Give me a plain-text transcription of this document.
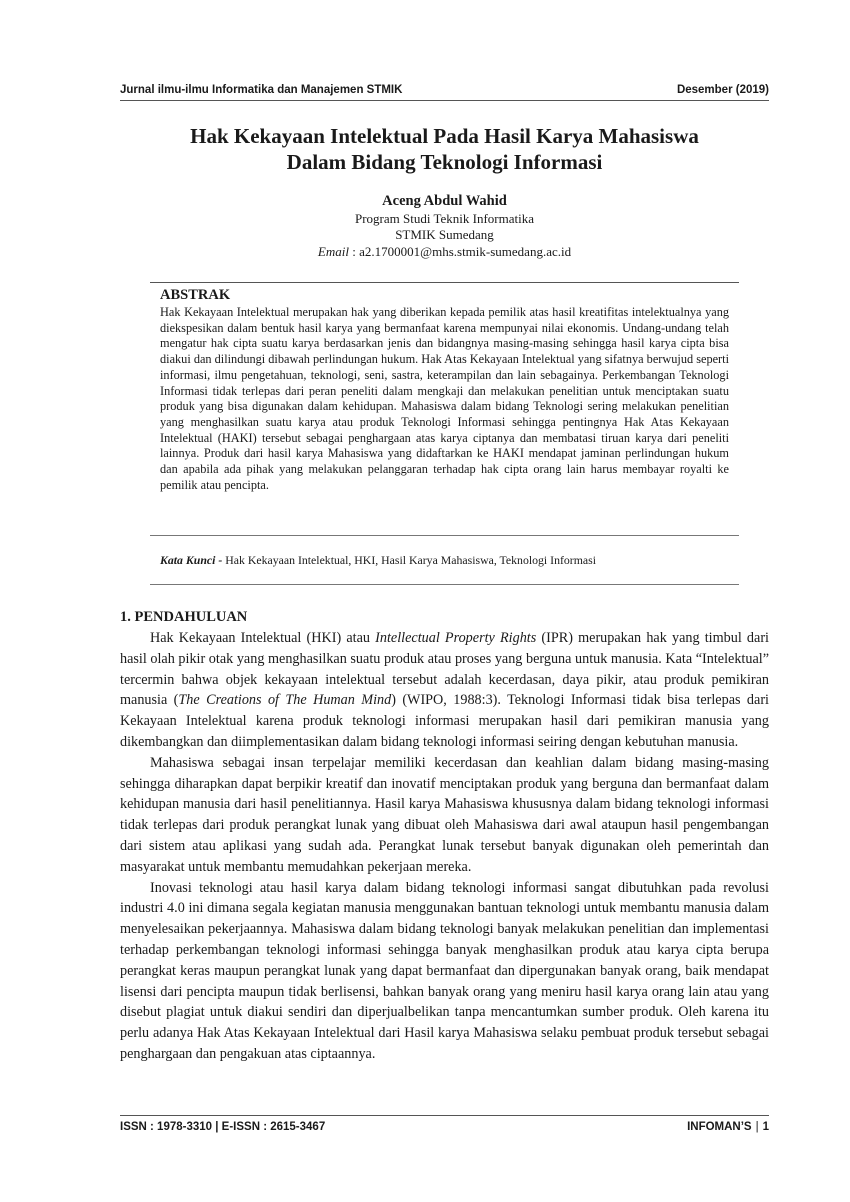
Jurnal ilmu-ilmu Informatika dan Manajemen STMIK	Desember (2019)
Hak Kekayaan Intelektual Pada Hasil Karya Mahasiswa
Dalam Bidang Teknologi Informasi
Aceng Abdul Wahid
Program Studi Teknik Informatika
STMIK Sumedang
Email : a2.1700001@mhs.stmik-sumedang.ac.id
ABSTRAK
Hak Kekayaan Intelektual merupakan hak yang diberikan kepada pemilik atas hasil kreatifitas intelektualnya yang diekspesikan dalam bentuk hasil karya yang bermanfaat karena mempunyai nilai ekonomis. Undang-undang telah mengatur hak cipta suatu karya berdasarkan jenis dan bidangnya masing-masing sehingga hasil karya cipta bisa diakui dan dilindungi dibawah perlindungan hukum. Hak Atas Kekayaan Intelektual yang sifatnya berwujud seperti informasi, ilmu pengetahuan, teknologi, seni, sastra, keterampilan dan lain sebagainya. Perkembangan Teknologi Informasi tidak terlepas dari peran peneliti dalam mengkaji dan melakukan penelitian untuk menciptakan suatu produk yang bisa digunakan dalam kehidupan. Mahasiswa dalam bidang Teknologi sering melakukan penelitian yang menghasilkan suatu karya atau produk Teknologi Informasi sehingga pentingnya Hak Atas Kekayaan Intelektual (HAKI) tersebut sebagai penghargaan atas karya ciptanya dan membatasi tiruan karya dari peneliti lainnya. Produk dari hasil karya Mahasiswa yang didaftarkan ke HAKI mendapat jaminan perlindungan hukum dan apabila ada pihak yang melakukan pelanggaran terhadap hak cipta orang lain harus membayar royalti ke pemilik atau pencipta.
Kata Kunci - Hak Kekayaan Intelektual, HKI, Hasil Karya Mahasiswa, Teknologi Informasi
1. PENDAHULUAN

Hak Kekayaan Intelektual (HKI) atau Intellectual Property Rights (IPR) merupakan hak yang timbul dari hasil olah pikir otak yang menghasilkan suatu produk atau proses yang berguna untuk manusia. Kata “Intelektual” tercermin bahwa objek kekayaan intelektual tersebut adalah kecerdasan, daya pikir, atau produk pemikiran manusia (The Creations of The Human Mind) (WIPO, 1988:3). Teknologi Informasi tidak bisa terlepas dari Kekayaan Intelektual karena produk teknologi informasi merupakan hasil dari pemikiran manusia yang dikembangkan dan diimplementasikan dalam bidang teknologi informasi seiring dengan kebutuhan manusia.

Mahasiswa sebagai insan terpelajar memiliki kecerdasan dan keahlian dalam bidang masing-masing sehingga diharapkan dapat berpikir kreatif dan inovatif menciptakan produk yang berguna dan bermanfaat dalam kehidupan manusia dari hasil penelitiannya. Hasil karya Mahasiswa khususnya dalam bidang teknologi informasi tidak terlepas dari produk perangkat lunak yang dibuat oleh Mahasiswa dari awal ataupun hasil pengembangan dari sistem atau aplikasi yang sudah ada. Perangkat lunak tersebut banyak digunakan oleh pemerintah dan masyarakat untuk membantu memudahkan pekerjaan mereka.

Inovasi teknologi atau hasil karya dalam bidang teknologi informasi sangat dibutuhkan pada revolusi industri 4.0 ini dimana segala kegiatan manusia menggunakan bantuan teknologi untuk membantu manusia dalam menyelesaikan pekerjaannya. Mahasiswa dalam bidang teknologi banyak melakukan penelitian dan implementasi terhadap perkembangan teknologi informasi sehingga banyak menghasilkan produk atau karya cipta berupa perangkat keras maupun perangkat lunak yang dapat bermanfaat dan dipergunakan banyak orang, baik mendapat lisensi dari pencipta maupun tidak berlisensi, bahkan banyak orang yang meniru hasil karya orang lain atau yang disebut plagiat untuk diakui sendiri dan diperjualbelikan tanpa mencantumkan sumber produk. Oleh karena itu perlu adanya Hak Atas Kekayaan Intelektual dari Hasil karya Mahasiswa selaku pembuat produk tersebut sebagai penghargaan dan pengakuan atas ciptaannya.

ISSN : 1978-3310 | E-ISSN : 2615-3467	INFOMAN’S | 1
